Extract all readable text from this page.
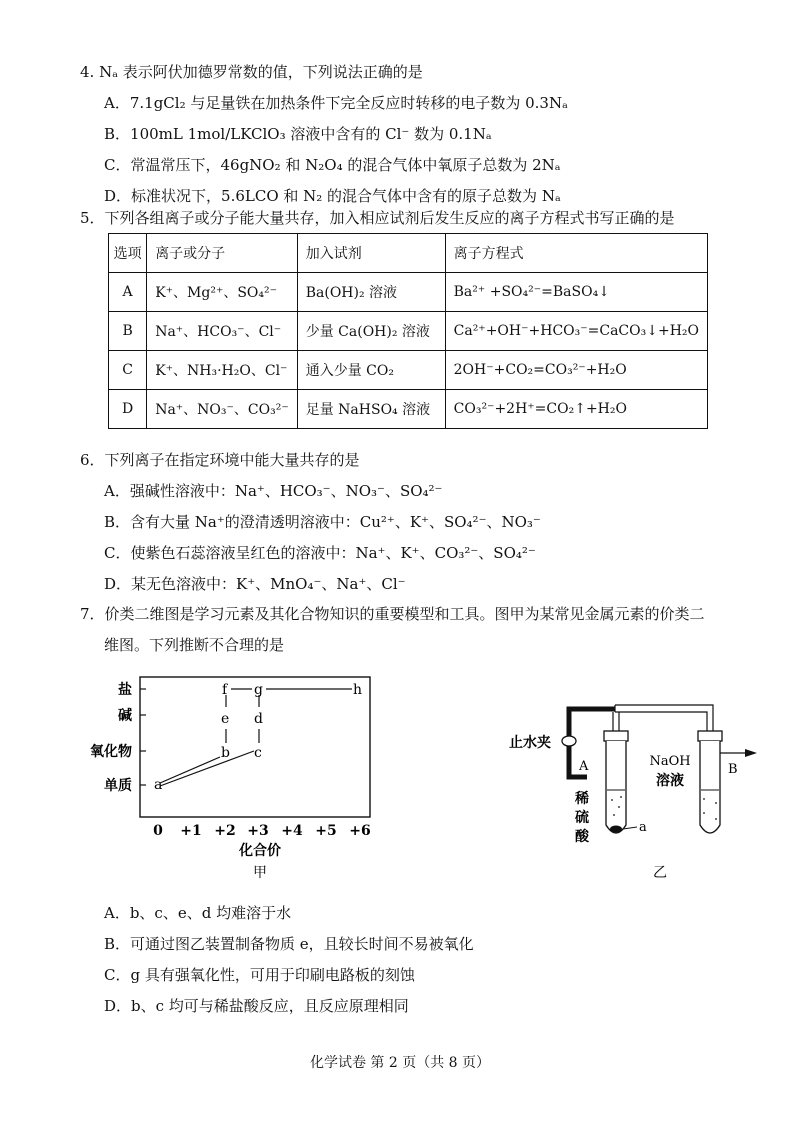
4. Nₐ 表示阿伏加德罗常数的值，下列说法正确的是
A．7.1gCl₂ 与足量铁在加热条件下完全反应时转移的电子数为 0.3Nₐ
B．100mL 1mol/LKClO₃ 溶液中含有的 Cl⁻ 数为 0.1Nₐ
C．常温常压下，46gNO₂ 和 N₂O₄ 的混合气体中氧原子总数为 2Nₐ
D．标准状况下，5.6LCO 和 N₂ 的混合气体中含有的原子总数为 Nₐ
5．下列各组离子或分子能大量共存，加入相应试剂后发生反应的离子方程式书写正确的是
选项	离子或分子	加入试剂	离子方程式
A	K⁺、Mg²⁺、SO₄²⁻	Ba(OH)₂ 溶液	Ba²⁺ +SO₄²⁻=BaSO₄↓
B	Na⁺、HCO₃⁻、Cl⁻	少量 Ca(OH)₂ 溶液	Ca²⁺+OH⁻+HCO₃⁻=CaCO₃↓+H₂O
C	K⁺、NH₃·H₂O、Cl⁻	通入少量 CO₂	2OH⁻+CO₂=CO₃²⁻+H₂O
D	Na⁺、NO₃⁻、CO₃²⁻	足量 NaHSO₄ 溶液	CO₃²⁻+2H⁺=CO₂↑+H₂O
6．下列离子在指定环境中能大量共存的是
A．强碱性溶液中：Na⁺、HCO₃⁻、NO₃⁻、SO₄²⁻
B．含有大量 Na⁺的澄清透明溶液中：Cu²⁺、K⁺、SO₄²⁻、NO₃⁻
C．使紫色石蕊溶液呈红色的溶液中：Na⁺、K⁺、CO₃²⁻、SO₄²⁻
D．某无色溶液中：K⁺、MnO₄⁻、Na⁺、Cl⁻
7．价类二维图是学习元素及其化合物知识的重要模型和工具。图甲为某常见金属元素的价类二
维图。下列推断不合理的是
盐
碱
氧化物
单质 a
b c
d
e
f g	h
0 +1 +2 +3 +4 +5 +6
化合价
甲
止水夹
A
a
稀
硫
酸
B
NaOH
溶液
乙
A．b、c、e、d 均难溶于水
B．可通过图乙装置制备物质 e，且较长时间不易被氧化
C．g 具有强氧化性，可用于印刷电路板的刻蚀
D．b、c 均可与稀盐酸反应，且反应原理相同
化学试卷 第 2 页（共 8 页）
